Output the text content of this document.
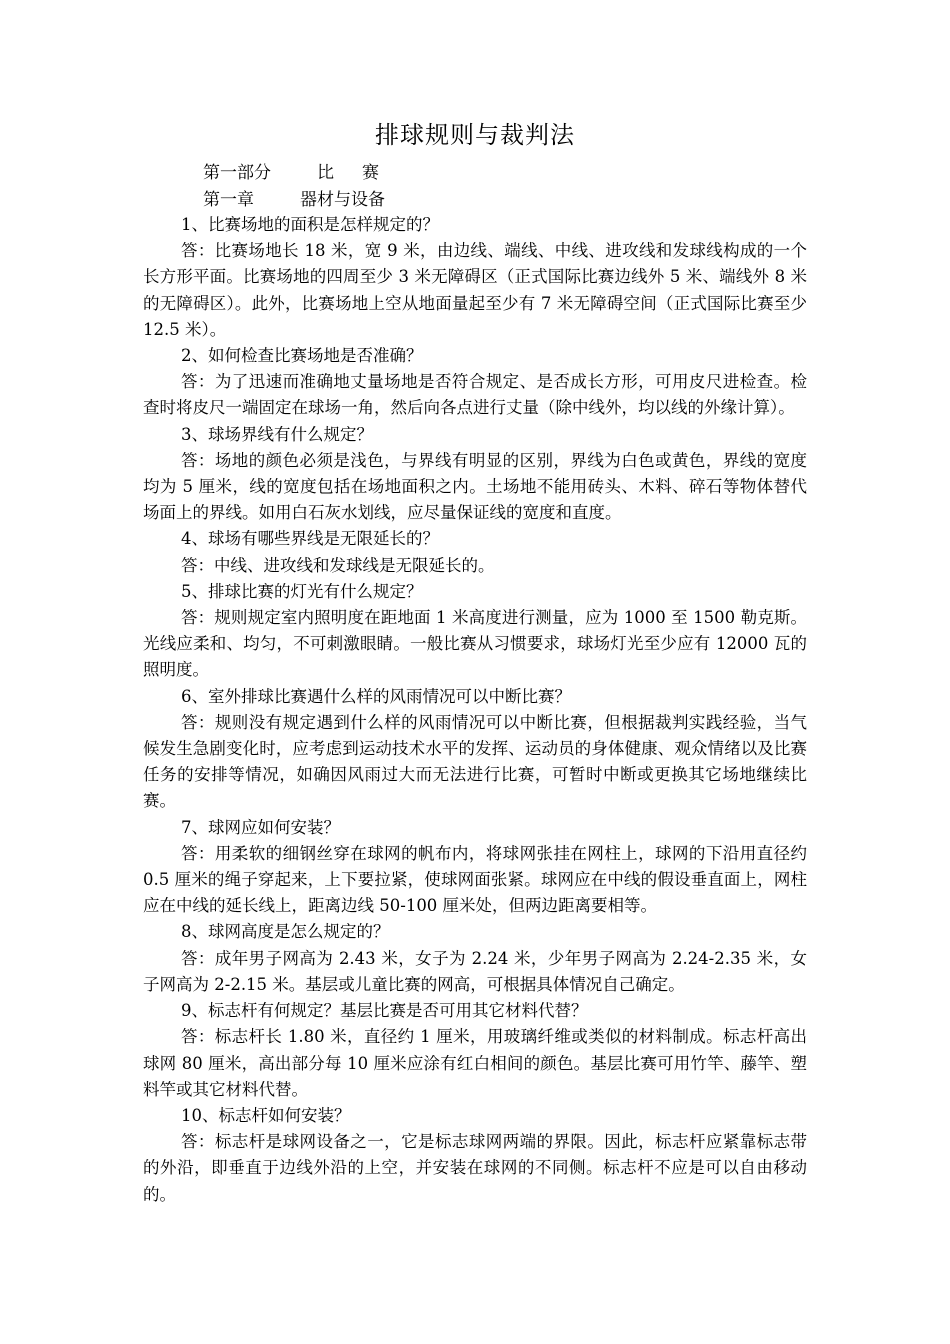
排球规则与裁判法
第一部分	比 赛
第一章	器材与设备

1、比赛场地的面积是怎样规定的？

答：比赛场地长 18 米，宽 9 米，由边线、端线、中线、进攻线和发球线构成的一个长方形平面。比赛场地的四周至少 3 米无障碍区（正式国际比赛边线外 5 米、端线外 8 米的无障碍区）。此外，比赛场地上空从地面量起至少有 7 米无障碍空间（正式国际比赛至少 12.5 米）。

2、如何检查比赛场地是否准确？

答：为了迅速而准确地丈量场地是否符合规定、是否成长方形，可用皮尺进检查。检查时将皮尺一端固定在球场一角，然后向各点进行丈量（除中线外，均以线的外缘计算）。

3、球场界线有什么规定？

答：场地的颜色必须是浅色，与界线有明显的区别，界线为白色或黄色，界线的宽度均为 5 厘米，线的宽度包括在场地面积之内。土场地不能用砖头、木料、碎石等物体替代场面上的界线。如用白石灰水划线，应尽量保证线的宽度和直度。

4、球场有哪些界线是无限延长的？

答：中线、进攻线和发球线是无限延长的。

5、排球比赛的灯光有什么规定？

答：规则规定室内照明度在距地面 1 米高度进行测量，应为 1000 至 1500 勒克斯。光线应柔和、均匀，不可刺激眼睛。一般比赛从习惯要求，球场灯光至少应有 12000 瓦的照明度。

6、室外排球比赛遇什么样的风雨情况可以中断比赛？

答：规则没有规定遇到什么样的风雨情况可以中断比赛，但根据裁判实践经验，当气候发生急剧变化时，应考虑到运动技术水平的发挥、运动员的身体健康、观众情绪以及比赛任务的安排等情况，如确因风雨过大而无法进行比赛，可暂时中断或更换其它场地继续比赛。

7、球网应如何安装？

答：用柔软的细钢丝穿在球网的帆布内，将球网张挂在网柱上，球网的下沿用直径约 0.5 厘米的绳子穿起来，上下要拉紧，使球网面张紧。球网应在中线的假设垂直面上，网柱应在中线的延长线上，距离边线 50-100 厘米处，但两边距离要相等。

8、球网高度是怎么规定的？

答：成年男子网高为 2.43 米，女子为 2.24 米，少年男子网高为 2.24-2.35 米，女子网高为 2-2.15 米。基层或儿童比赛的网高，可根据具体情况自己确定。

9、标志杆有何规定？基层比赛是否可用其它材料代替？

答：标志杆长 1.80 米，直径约 1 厘米，用玻璃纤维或类似的材料制成。标志杆高出球网 80 厘米，高出部分每 10 厘米应涂有红白相间的颜色。基层比赛可用竹竿、藤竿、塑料竿或其它材料代替。

10、标志杆如何安装？

答：标志杆是球网设备之一，它是标志球网两端的界限。因此，标志杆应紧靠标志带的外沿，即垂直于边线外沿的上空，并安装在球网的不同侧。标志杆不应是可以自由移动的。
